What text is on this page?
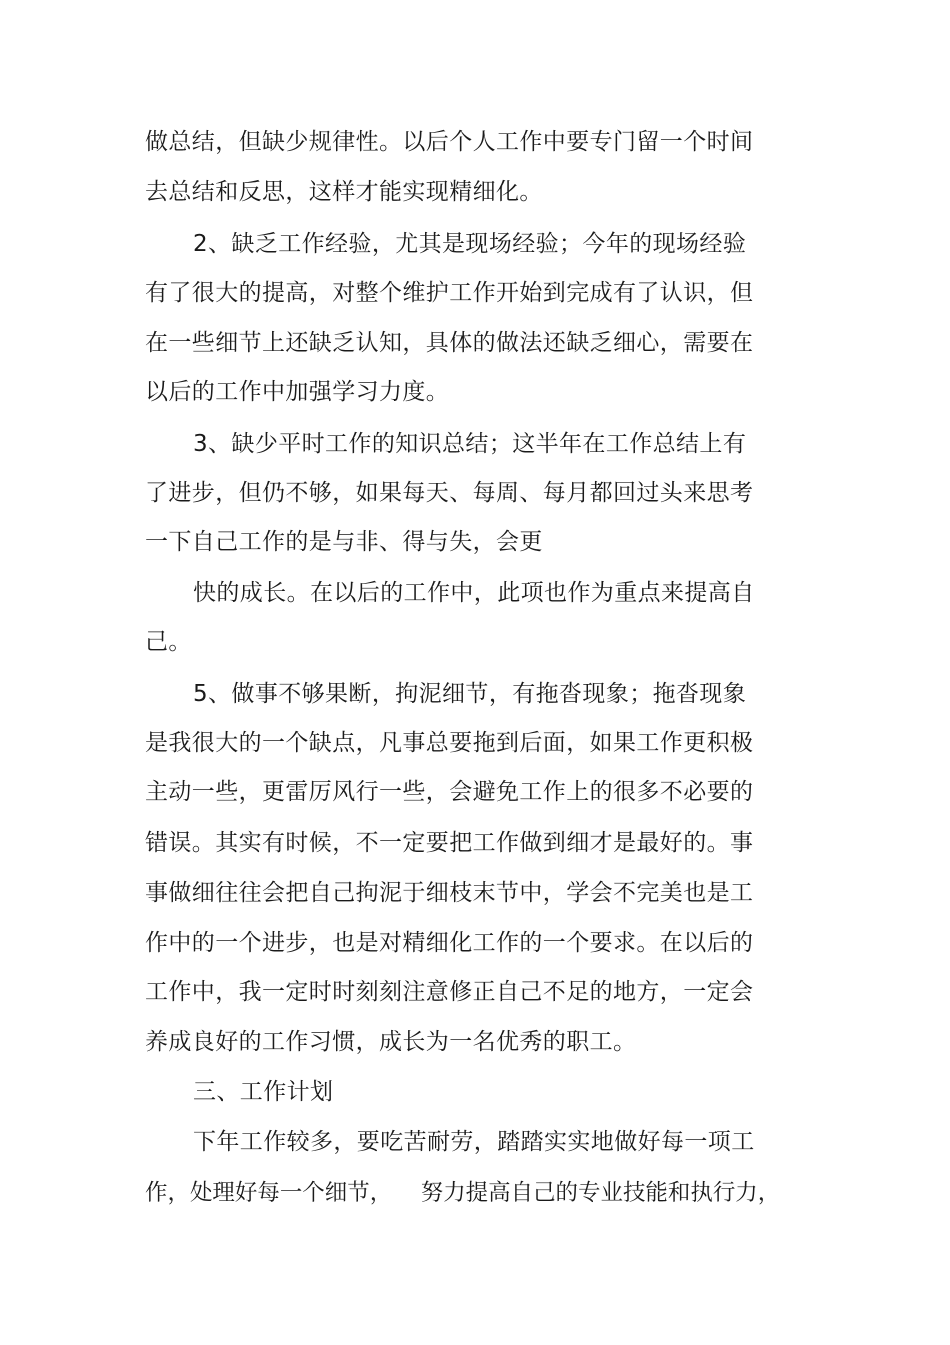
做总结，但缺少规律性。以后个人工作中要专门留一个时间
去总结和反思，这样才能实现精细化。
2、缺乏工作经验，尤其是现场经验；今年的现场经验
有了很大的提高，对整个维护工作开始到完成有了认识，但
在一些细节上还缺乏认知，具体的做法还缺乏细心，需要在
以后的工作中加强学习力度。
3、缺少平时工作的知识总结；这半年在工作总结上有
了进步，但仍不够，如果每天、每周、每月都回过头来思考
一下自己工作的是与非、得与失，会更
快的成长。在以后的工作中，此项也作为重点来提高自
己。
5、做事不够果断，拘泥细节，有拖沓现象；拖沓现象
是我很大的一个缺点，凡事总要拖到后面，如果工作更积极
主动一些，更雷厉风行一些，会避免工作上的很多不必要的
错误。其实有时候，不一定要把工作做到细才是最好的。事
事做细往往会把自己拘泥于细枝末节中，学会不完美也是工
作中的一个进步，也是对精细化工作的一个要求。在以后的
工作中，我一定时时刻刻注意修正自己不足的地方，一定会
养成良好的工作习惯，成长为一名优秀的职工。
三、工作计划
下年工作较多，要吃苦耐劳，踏踏实实地做好每一项工
作，处理好每一个细节，    努力提高自己的专业技能和执行力，
